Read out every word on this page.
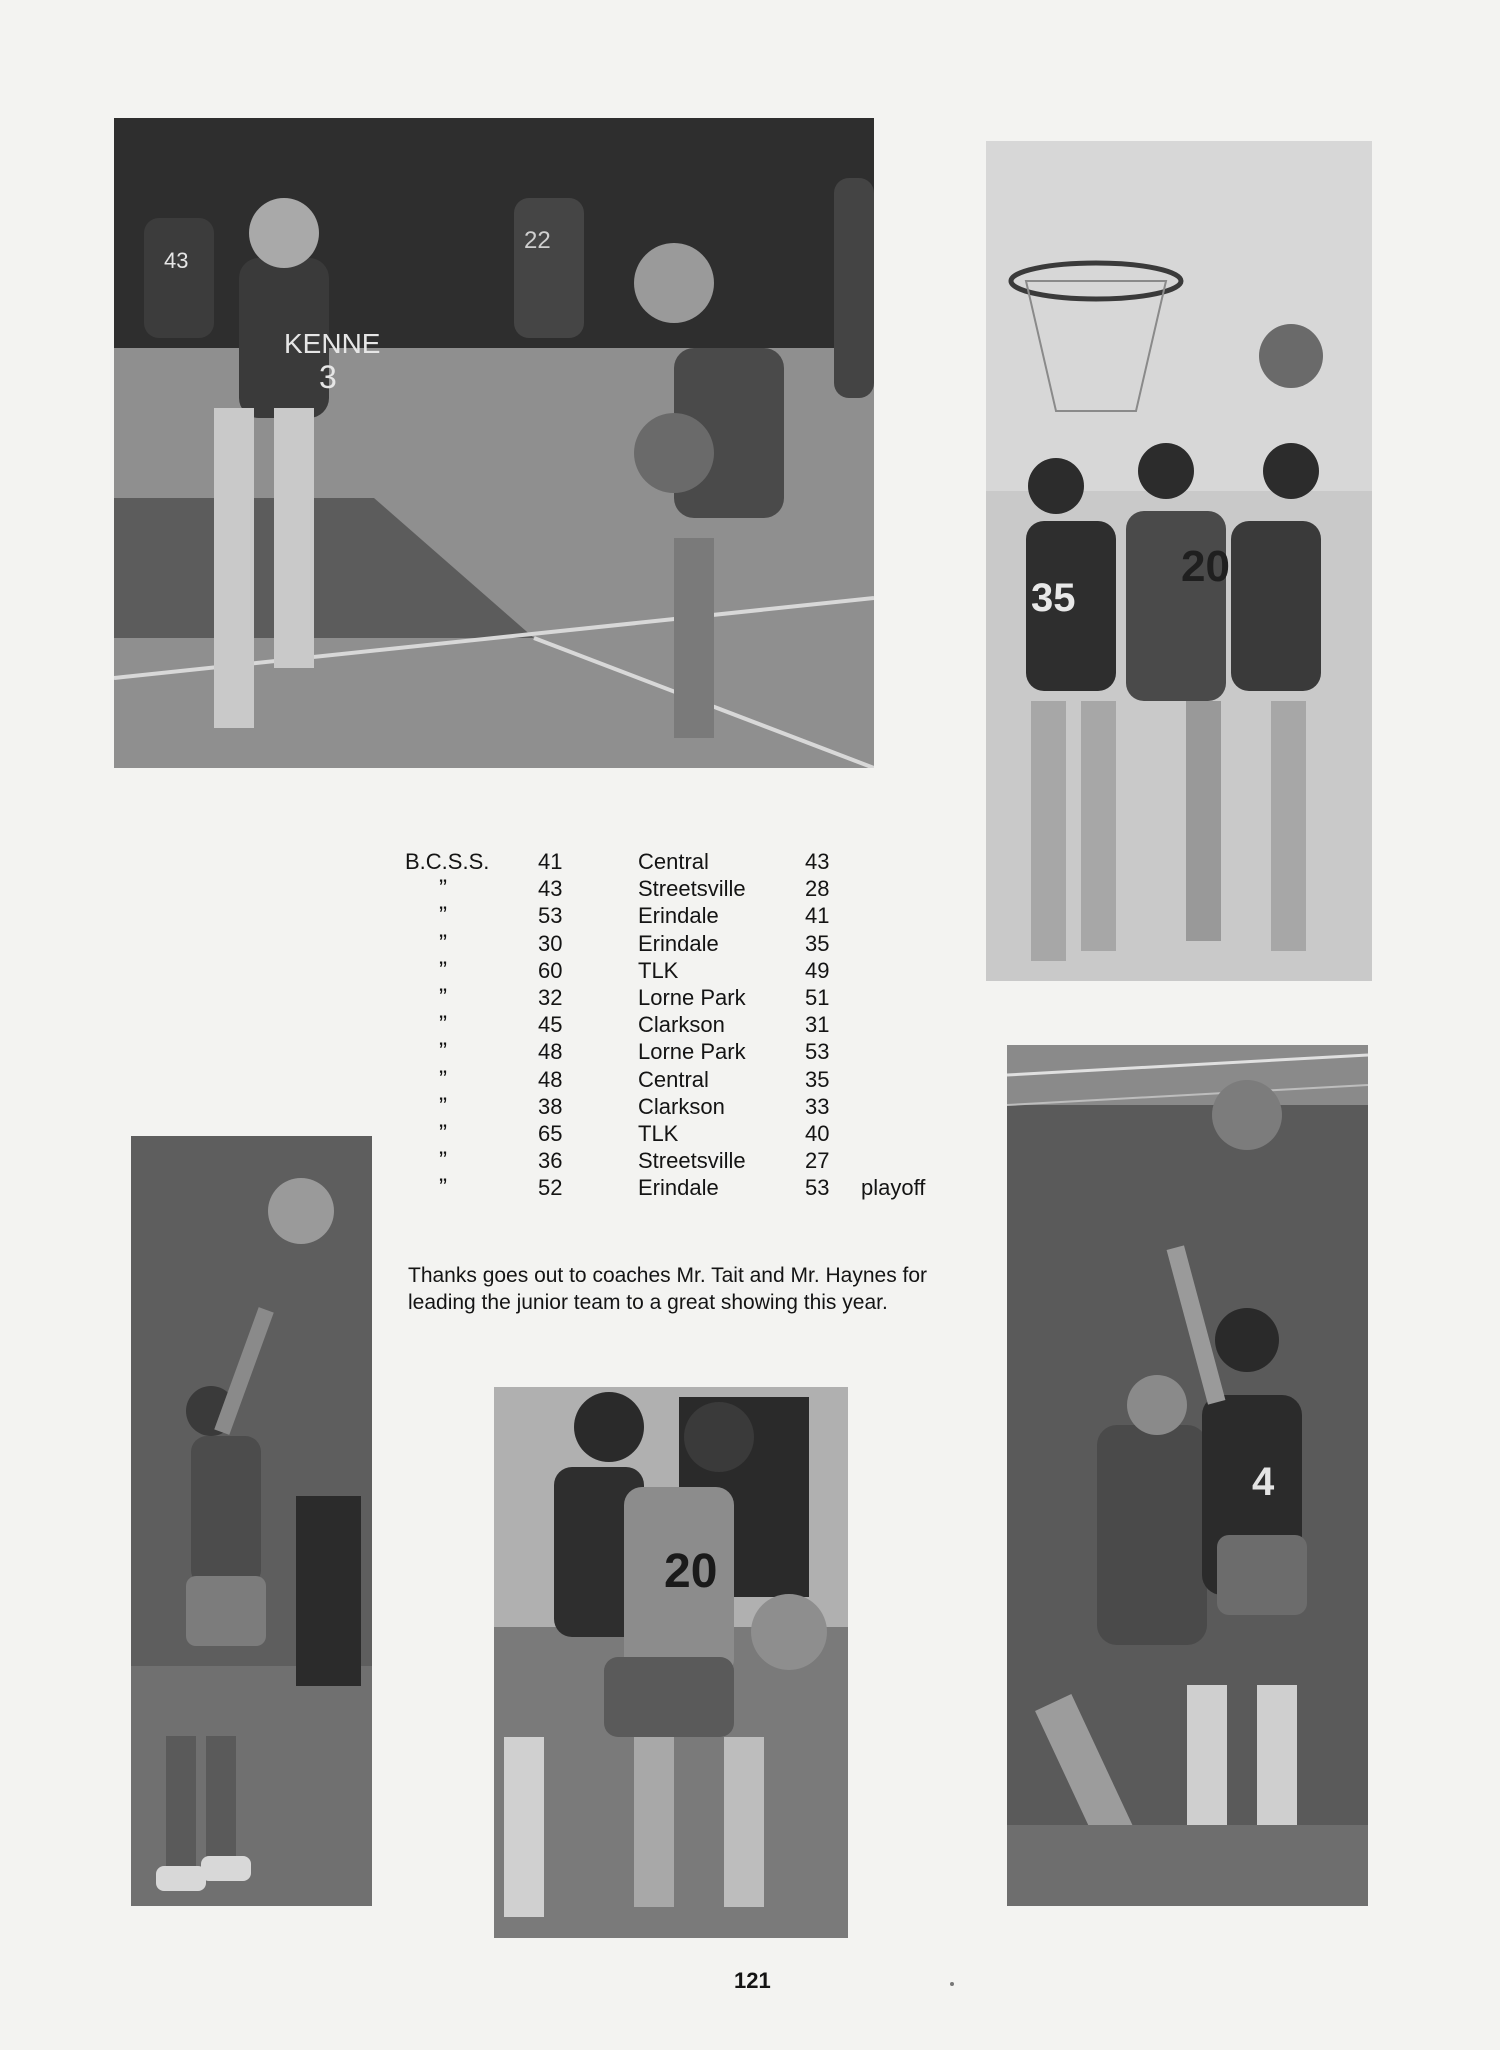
KENNE
3
43
22
35
20
20
4
B.C.S.S. 41	Central	43
”	43	Streetsville	28
”	53	Erindale	41
”	30	Erindale	35
”	60	TLK	49
”	32	Lorne Park	51
”	45	Clarkson	31
”	48	Lorne Park	53
”	48	Central	35
”	38	Clarkson	33
”	65	TLK	40
”	36	Streetsville	27
”	52	Erindale	53 playoff

Thanks goes out to coaches Mr. Tait and Mr. Haynes for leading the junior team to a great showing this year.

121
